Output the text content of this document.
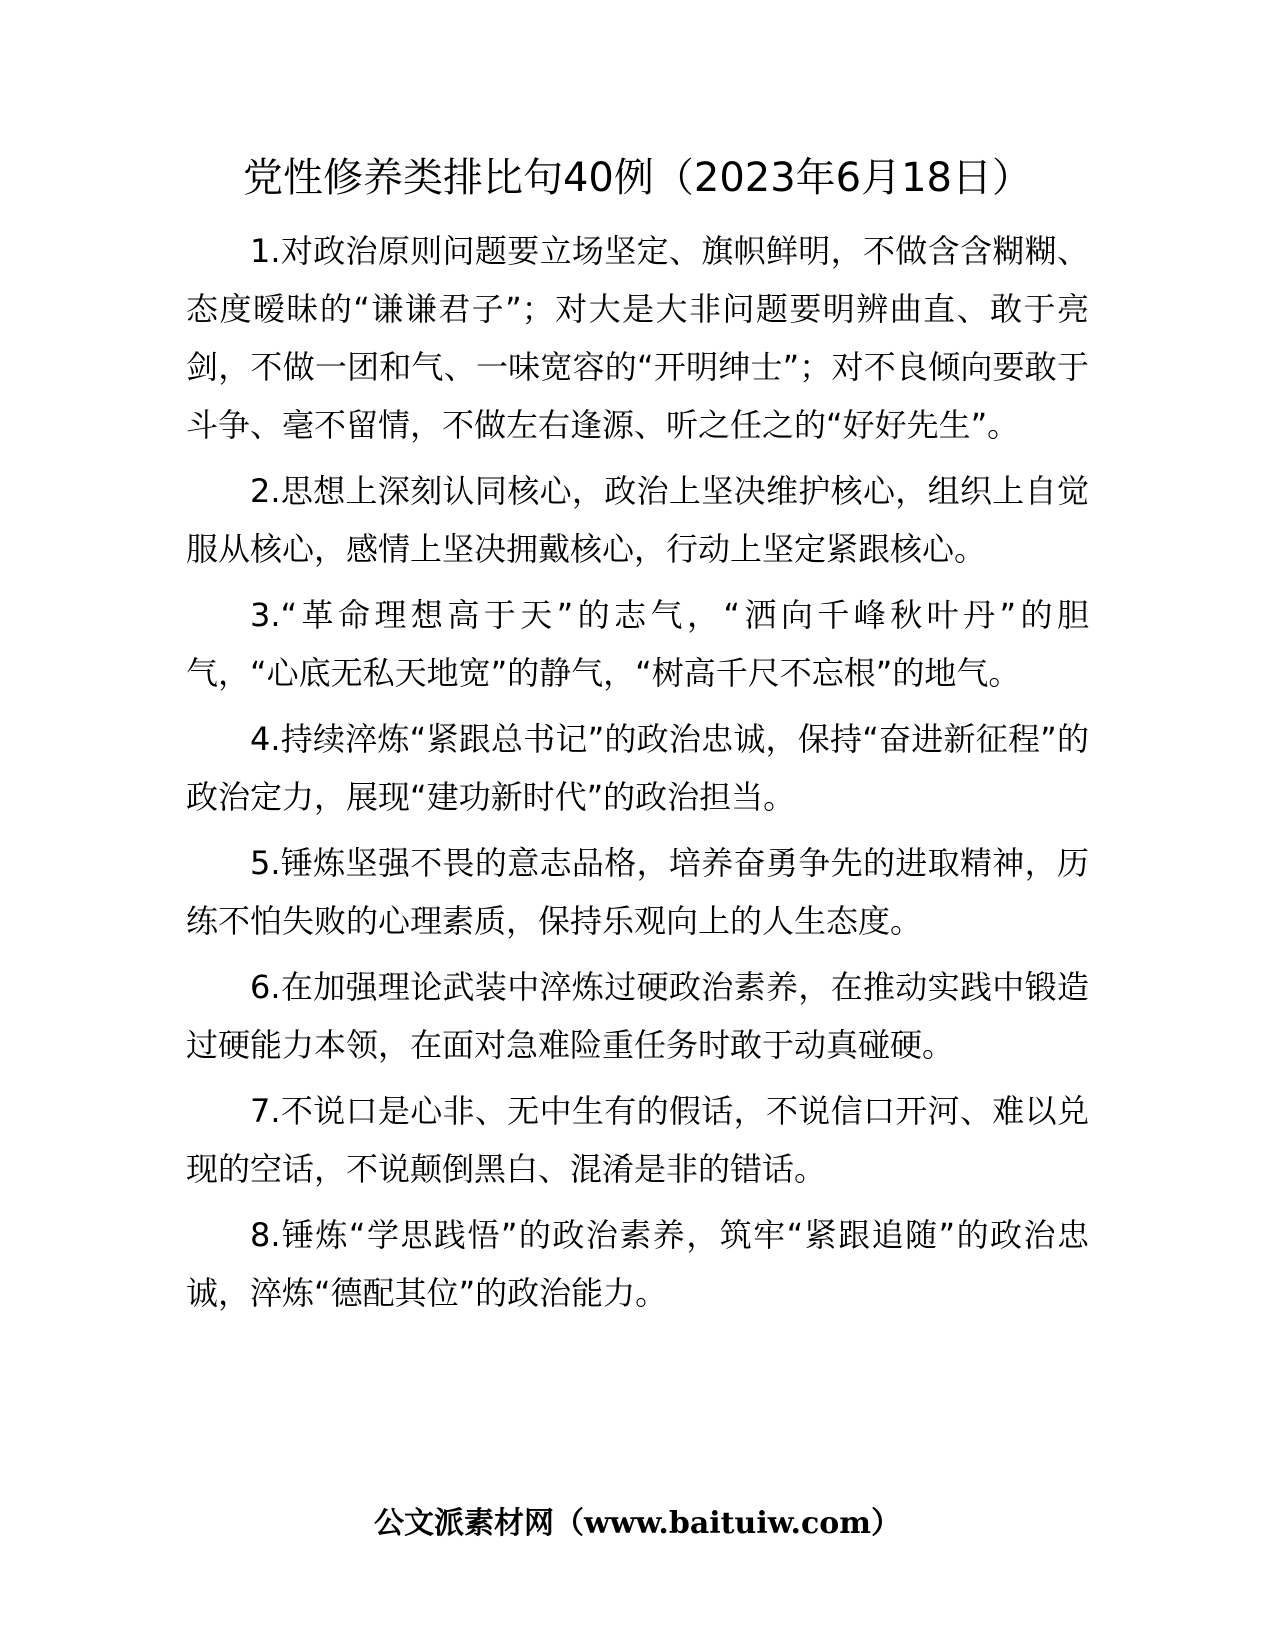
党性修养类排比句40例（2023年6月18日）

1.对政治原则问题要立场坚定、旗帜鲜明，不做含含糊糊、态度暧昧的“谦谦君子”；对大是大非问题要明辨曲直、敢于亮剑，不做一团和气、一味宽容的“开明绅士”；对不良倾向要敢于斗争、毫不留情，不做左右逢源、听之任之的“好好先生”。

2.思想上深刻认同核心，政治上坚决维护核心，组织上自觉服从核心，感情上坚决拥戴核心，行动上坚定紧跟核心。

3.“革命理想高于天”的志气，“洒向千峰秋叶丹”的胆气，“心底无私天地宽”的静气，“树高千尺不忘根”的地气。

4.持续淬炼“紧跟总书记”的政治忠诚，保持“奋进新征程”的政治定力，展现“建功新时代”的政治担当。

5.锤炼坚强不畏的意志品格，培养奋勇争先的进取精神，历练不怕失败的心理素质，保持乐观向上的人生态度。

6.在加强理论武装中淬炼过硬政治素养，在推动实践中锻造过硬能力本领，在面对急难险重任务时敢于动真碰硬。

7.不说口是心非、无中生有的假话，不说信口开河、难以兑现的空话，不说颠倒黑白、混淆是非的错话。

8.锤炼“学思践悟”的政治素养，筑牢“紧跟追随”的政治忠诚，淬炼“德配其位”的政治能力。

公文派素材网（www.baituiw.com）
